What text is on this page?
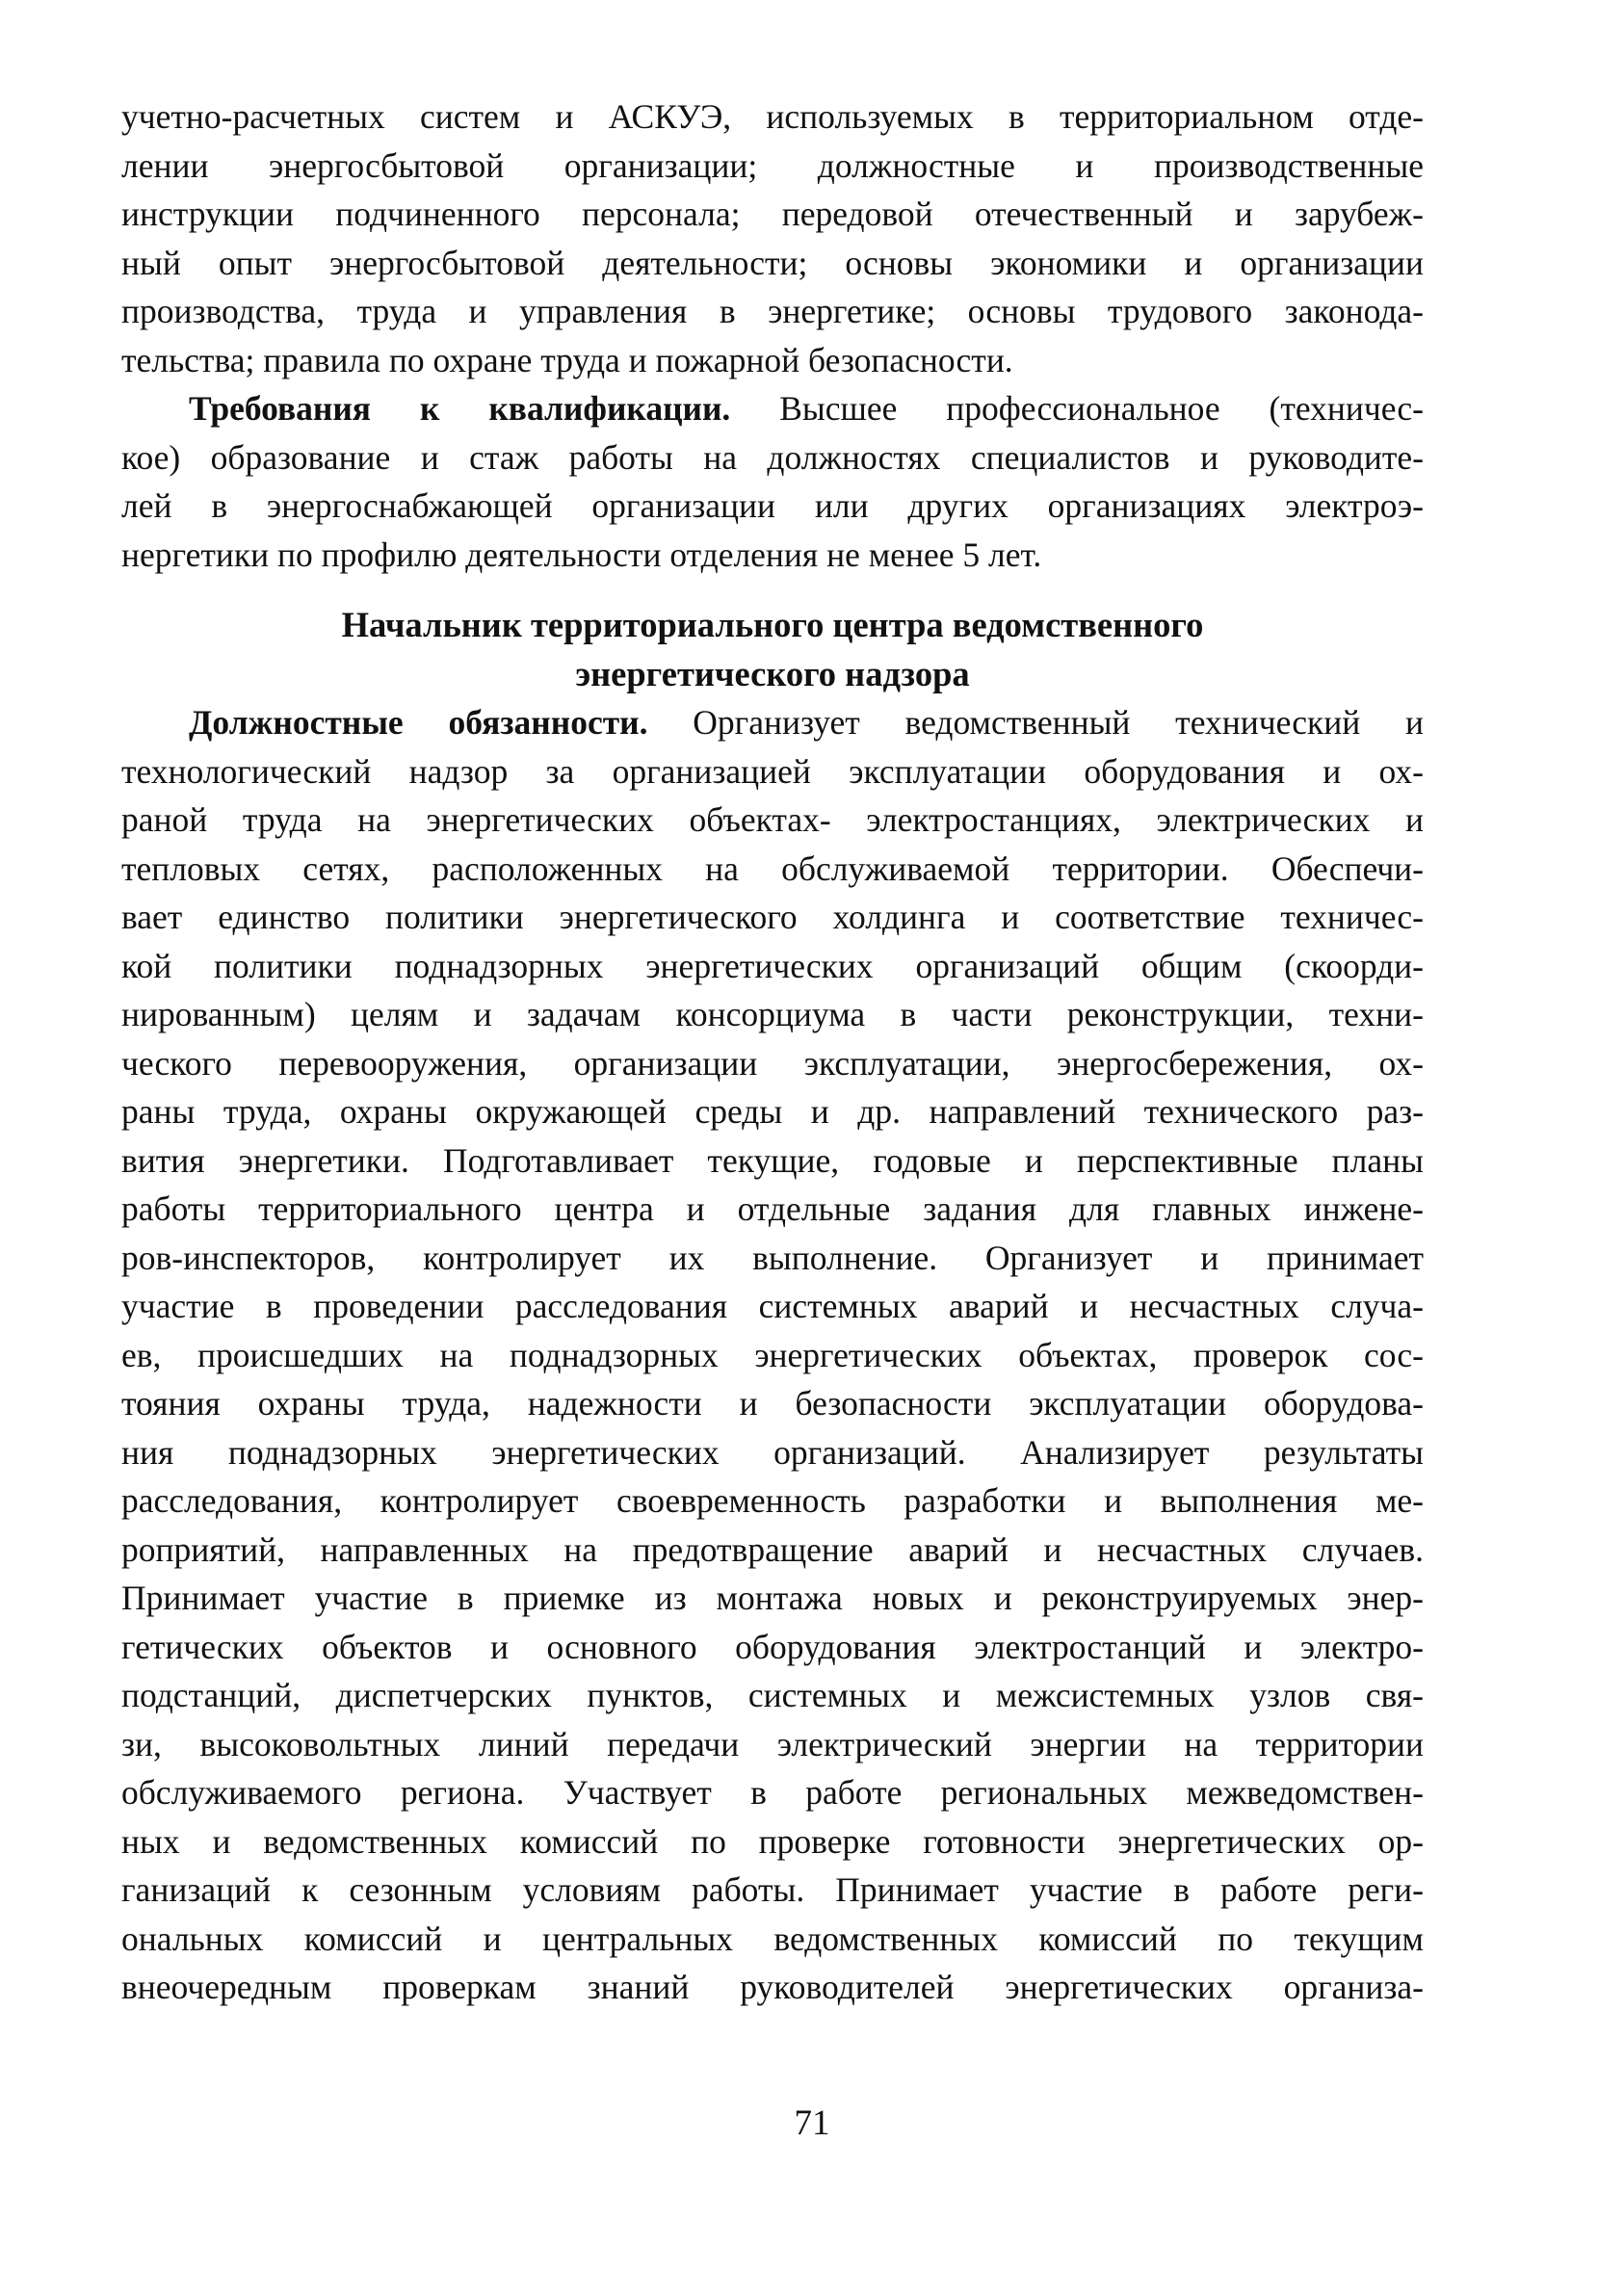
учетно-расчетных систем и АСКУЭ, используемых в территориальном отде-
лении энергосбытовой организации; должностные и производственные
инструкции подчиненного персонала; передовой отечественный и зарубеж-
ный опыт энергосбытовой деятельности; основы экономики и организации
производства, труда и управления в энергетике; основы трудового законода-
тельства; правила по охране труда и пожарной безопасности.
Требования к квалификации. Высшее профессиональное (техничес-
кое) образование и стаж работы на должностях специалистов и руководите-
лей в энергоснабжающей организации или других организациях электроэ-
нергетики по профилю деятельности отделения не менее 5 лет.
Начальник территориального центра ведомственного
энергетического надзора
Должностные обязанности. Организует ведомственный технический и
технологический надзор за организацией эксплуатации оборудования и ох-
раной труда на энергетических объектах- электростанциях, электрических и
тепловых сетях, расположенных на обслуживаемой территории. Обеспечи-
вает единство политики энергетического холдинга и соответствие техничес-
кой политики поднадзорных энергетических организаций общим (скоорди-
нированным) целям и задачам консорциума в части реконструкции, техни-
ческого перевооружения, организации эксплуатации, энергосбережения, ох-
раны труда, охраны окружающей среды и др. направлений технического раз-
вития энергетики. Подготавливает текущие, годовые и перспективные планы
работы территориального центра и отдельные задания для главных инжене-
ров-инспекторов, контролирует их выполнение. Организует и принимает
участие в проведении расследования системных аварий и несчастных случа-
ев, происшедших на поднадзорных энергетических объектах, проверок сос-
тояния охраны труда, надежности и безопасности эксплуатации оборудова-
ния поднадзорных энергетических организаций. Анализирует результаты
расследования, контролирует своевременность разработки и выполнения ме-
роприятий, направленных на предотвращение аварий и несчастных случаев.
Принимает участие в приемке из монтажа новых и реконструируемых энер-
гетических объектов и основного оборудования электростанций и электро-
подстанций, диспетчерских пунктов, системных и межсистемных узлов свя-
зи, высоковольтных линий передачи электрический энергии на территории
обслуживаемого региона. Участвует в работе региональных межведомствен-
ных и ведомственных комиссий по проверке готовности энергетических ор-
ганизаций к сезонным условиям работы. Принимает участие в работе реги-
ональных комиссий и центральных ведомственных комиссий по текущим
внеочередным проверкам знаний руководителей энергетических организа-
71
